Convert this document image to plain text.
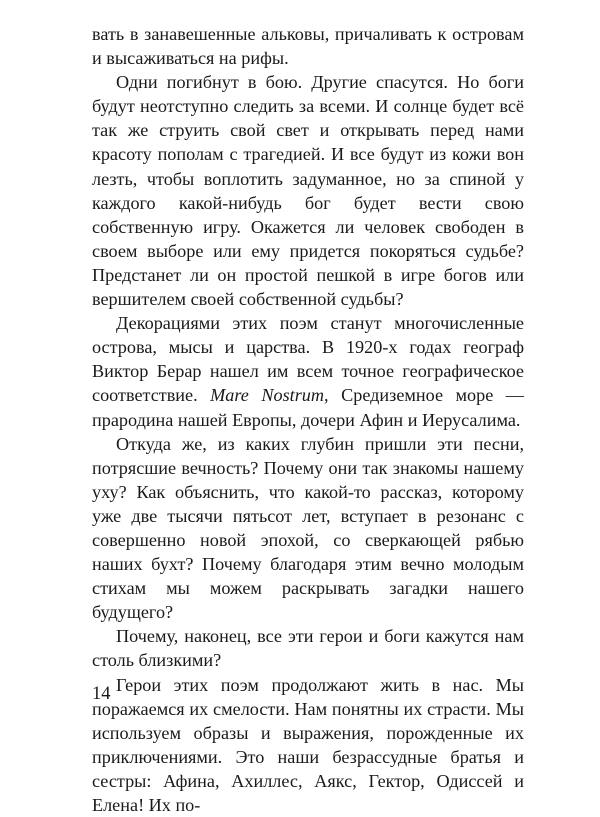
вать в занавешенные альковы, причаливать к островам и высаживаться на рифы.

Одни погибнут в бою. Другие спасутся. Но боги будут неотступно следить за всеми. И солнце будет всё так же струить свой свет и открывать перед нами красоту пополам с трагедией. И все будут из кожи вон лезть, чтобы воплотить задуманное, но за спиной у каждого какой-нибудь бог будет вести свою собственную игру. Окажется ли человек свободен в своем выборе или ему придется покоряться судьбе? Предстанет ли он простой пешкой в игре богов или вершителем своей собственной судьбы?

Декорациями этих поэм станут многочисленные острова, мысы и царства. В 1920-х годах географ Виктор Берар нашел им всем точное географическое соответствие. Mare Nostrum, Средиземное море — прародина нашей Европы, дочери Афин и Иерусалима.

Откуда же, из каких глубин пришли эти песни, потрясшие вечность? Почему они так знакомы нашему уху? Как объяснить, что какой-то рассказ, которому уже две тысячи пятьсот лет, вступает в резонанс с совершенно новой эпохой, со сверкающей рябью наших бухт? Почему благодаря этим вечно молодым стихам мы можем раскрывать загадки нашего будущего?

Почему, наконец, все эти герои и боги кажутся нам столь близкими?

Герои этих поэм продолжают жить в нас. Мы поражаемся их смелости. Нам понятны их страсти. Мы используем образы и выражения, порожденные их приключениями. Это наши безрассудные братья и сестры: Афина, Ахиллес, Аякс, Гектор, Одиссей и Елена! Их по-

14
